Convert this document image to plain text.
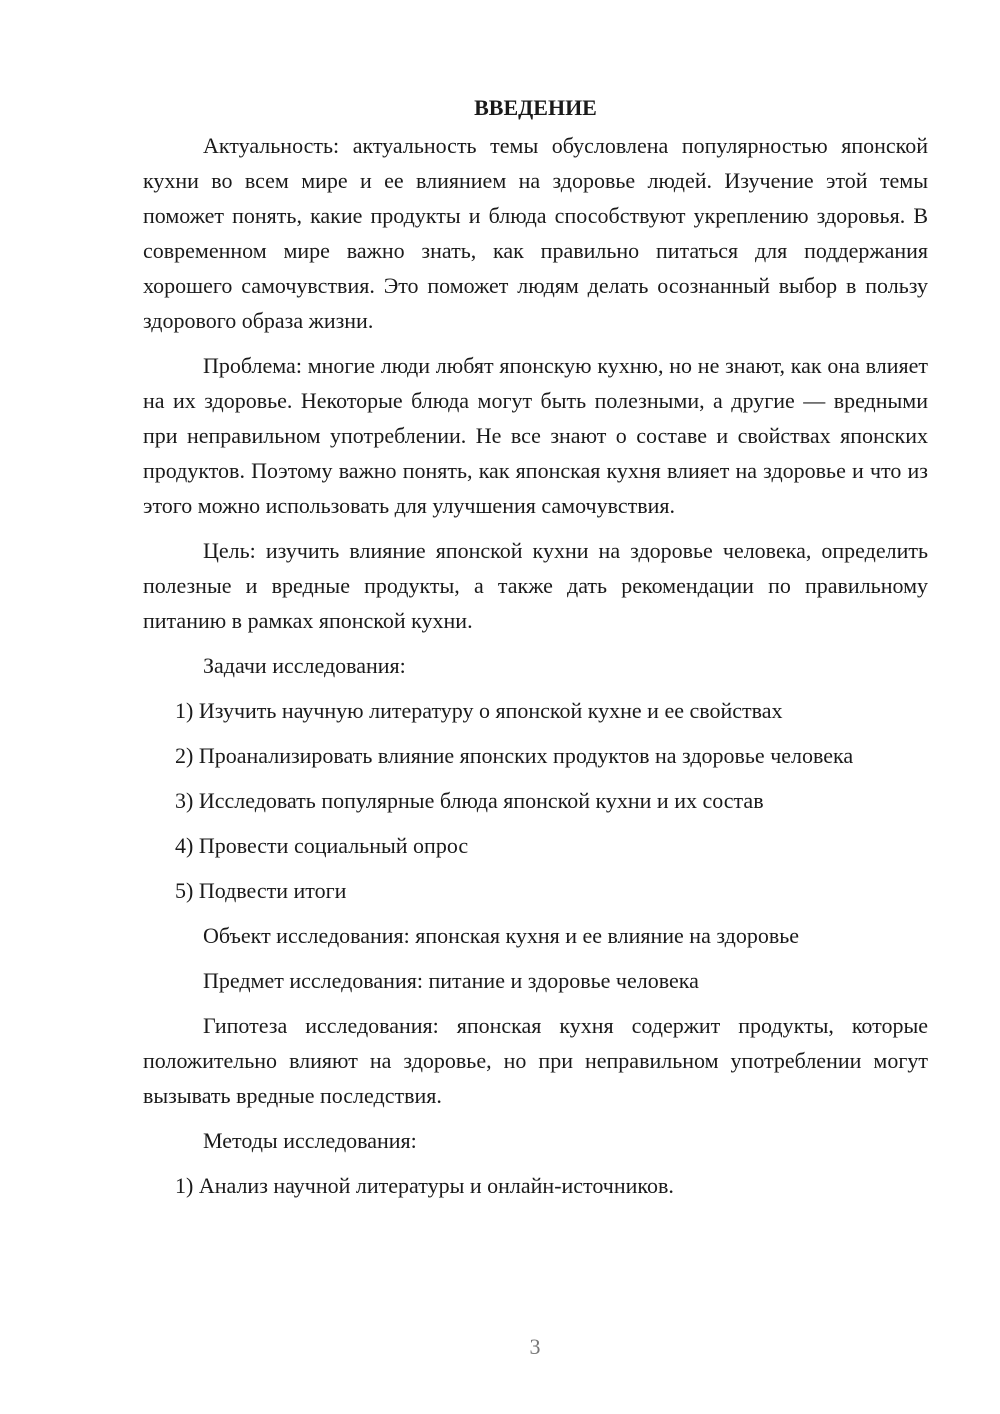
ВВЕДЕНИЕ

Актуальность: актуальность темы обусловлена популярностью японской кухни во всем мире и ее влиянием на здоровье людей. Изучение этой темы поможет понять, какие продукты и блюда способствуют укреплению здоровья. В современном мире важно знать, как правильно питаться для поддержания хорошего самочувствия. Это поможет людям делать осознанный выбор в пользу здорового образа жизни.

Проблема: многие люди любят японскую кухню, но не знают, как она влияет на их здоровье. Некоторые блюда могут быть полезными, а другие — вредными при неправильном употреблении. Не все знают о составе и свойствах японских продуктов. Поэтому важно понять, как японская кухня влияет на здоровье и что из этого можно использовать для улучшения самочувствия.

Цель: изучить влияние японской кухни на здоровье человека, определить полезные и вредные продукты, а также дать рекомендации по правильному питанию в рамках японской кухни.

Задачи исследования:

1) Изучить научную литературу о японской кухне и ее свойствах

2) Проанализировать влияние японских продуктов на здоровье человека

3) Исследовать популярные блюда японской кухни и их состав

4) Провести социальный опрос

5) Подвести итоги

Объект исследования: японская кухня и ее влияние на здоровье

Предмет исследования: питание и здоровье человека

Гипотеза исследования: японская кухня содержит продукты, которые положительно влияют на здоровье, но при неправильном употреблении могут вызывать вредные последствия.

Методы исследования:

1) Анализ научной литературы и онлайн-источников.

3
